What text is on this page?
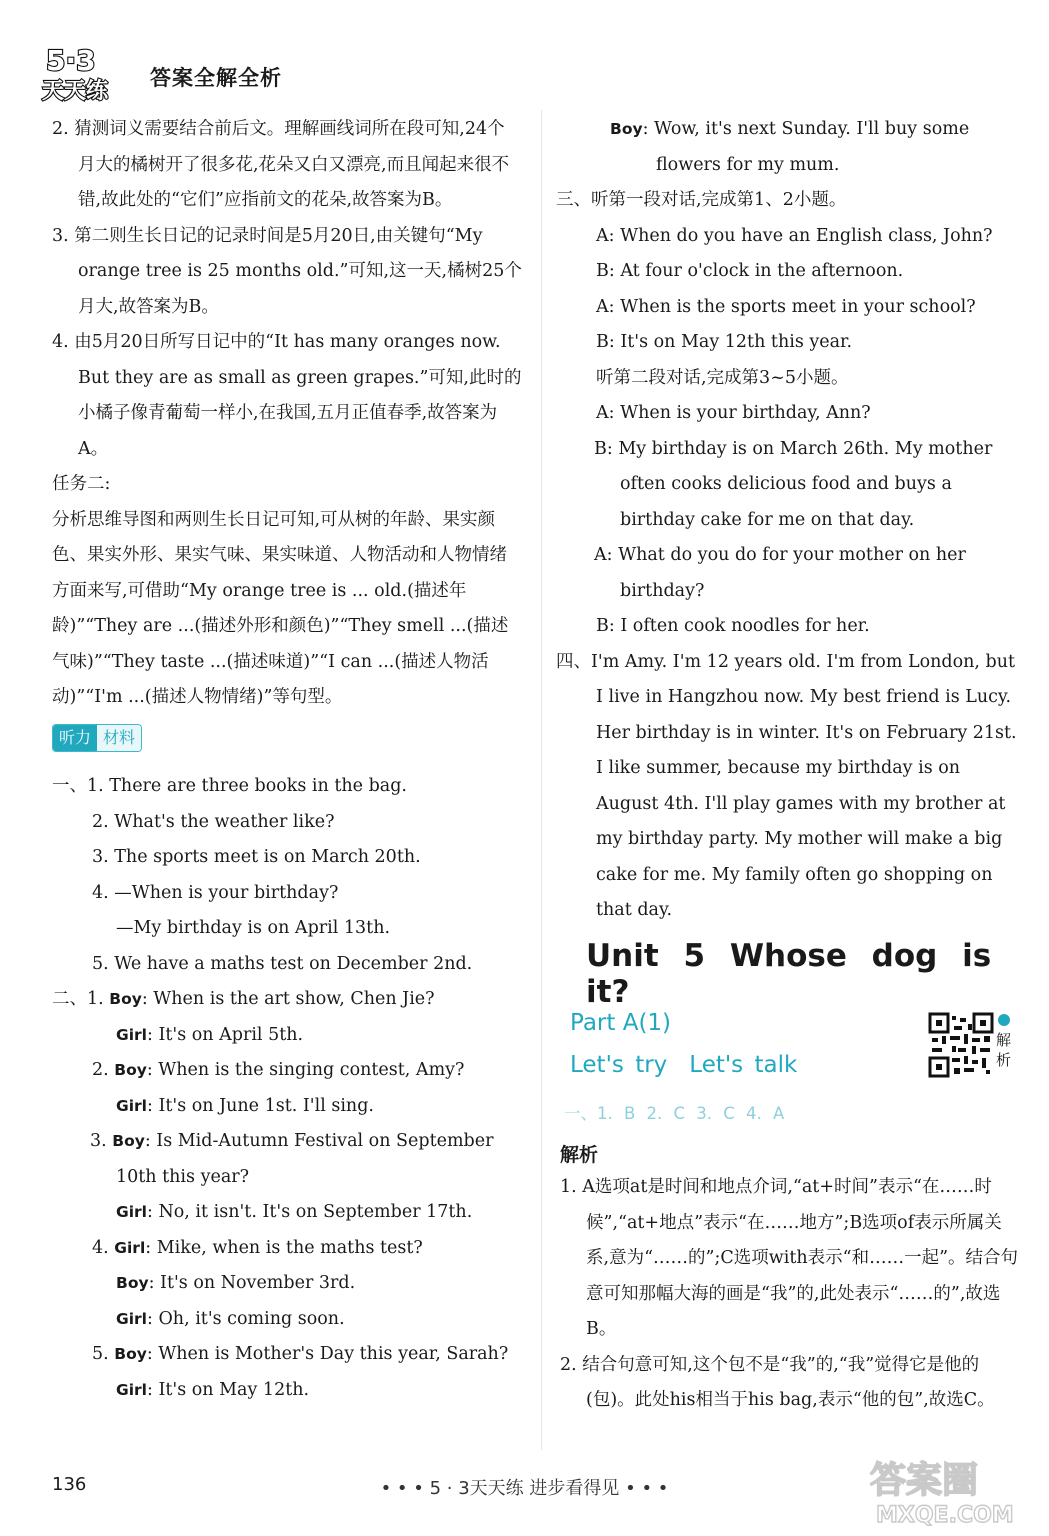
5·3
天天练
答案全解全析

2. 猜测词义需要结合前后文。理解画线词所在段可知,24个月大的橘树开了很多花,花朵又白又漂亮,而且闻起来很不错,故此处的“它们”应指前文的花朵,故答案为B。

3. 第二则生长日记的记录时间是5月20日,由关键句“My orange tree is 25 months old.”可知,这一天,橘树25个月大,故答案为B。

4. 由5月20日所写日记中的“It has many oranges now. But they are as small as green grapes.”可知,此时的小橘子像青葡萄一样小,在我国,五月正值春季,故答案为A。

任务二:

分析思维导图和两则生长日记可知,可从树的年龄、果实颜色、果实外形、果实气味、果实味道、人物活动和人物情绪方面来写,可借助“My orange tree is ... old.(描述年龄)”“They are ...(描述外形和颜色)”“They smell ...(描述气味)”“They taste ...(描述味道)”“I can ...(描述人物活动)”“I'm ...(描述人物情绪)”等句型。

听力 材料

一、1. There are three books in the bag.

2. What's the weather like?

3. The sports meet is on March 20th.

4. —When is your birthday?

—My birthday is on April 13th.

5. We have a maths test on December 2nd.

二、1. Boy: When is the art show, Chen Jie?

Girl: It's on April 5th.

2. Boy: When is the singing contest, Amy?

Girl: It's on June 1st. I'll sing.

3. Boy: Is Mid-Autumn Festival on September 10th this year?

Girl: No, it isn't. It's on September 17th.

4. Girl: Mike, when is the maths test?

Boy: It's on November 3rd.

Girl: Oh, it's coming soon.

5. Boy: When is Mother's Day this year, Sarah?

Girl: It's on May 12th.

Boy: Wow, it's next Sunday. I'll buy some flowers for my mum.

三、听第一段对话,完成第1、2小题。

A: When do you have an English class, John?

B: At four o'clock in the afternoon.

A: When is the sports meet in your school?

B: It's on May 12th this year.

听第二段对话,完成第3~5小题。

A: When is your birthday, Ann?

B: My birthday is on March 26th. My mother often cooks delicious food and buys a birthday cake for me on that day.

A: What do you do for your mother on her birthday?

B: I often cook noodles for her.

四、I'm Amy. I'm 12 years old. I'm from London, but I live in Hangzhou now. My best friend is Lucy. Her birthday is in winter. It's on February 21st. I like summer, because my birthday is on August 4th. I'll play games with my brother at my birthday party. My mother will make a big cake for me. My family often go shopping on that day.

Unit 5 Whose dog is it?
Part A(1)
Let's try Let's talk
解析
一、1. B 2. C 3. C 4. A
解析

1. A选项at是时间和地点介词,“at+时间”表示“在……时候”,“at+地点”表示“在……地方”;B选项of表示所属关系,意为“……的”;C选项with表示“和……一起”。结合句意可知那幅大海的画是“我”的,此处表示“……的”,故选B。

2. 结合句意可知,这个包不是“我”的,“我”觉得它是他的(包)。此处his相当于his bag,表示“他的包”,故选C。

136	• • • 5 · 3天天练 进步看得见 • • •	答案圈
MXQE.COM
